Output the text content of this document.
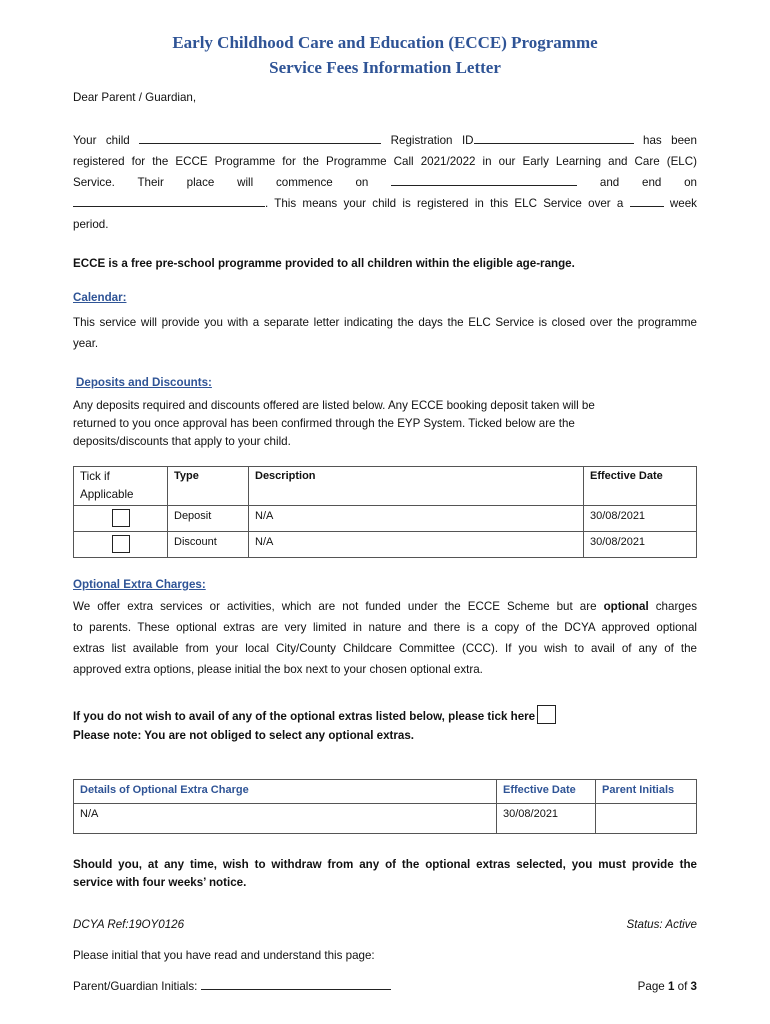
Early Childhood Care and Education (ECCE) Programme
Service Fees Information Letter
Dear Parent / Guardian,
Your child	Registration ID	has been
registered for the ECCE Programme for the Programme Call 2021/2022 in our Early Learning and Care (ELC)
Service. Their place will commence on	and end on
. This means your child is registered in this ELC Service over a	week
period.
ECCE is a free pre-school programme provided to all children within the eligible age-range.
Calendar:
This service will provide you with a separate letter indicating the days the ELC Service is closed over the programme year.
Deposits and Discounts:
Any deposits required and discounts offered are listed below. Any ECCE booking deposit taken will be
returned to you once approval has been confirmed through the EYP System. Ticked below are the
deposits/discounts that apply to your child.
Tick if Applicable	Type	Description	Effective Date

	Deposit	N/A	30/08/2021

	Discount	N/A	30/08/2021
Optional Extra Charges:
We offer extra services or activities, which are not funded under the ECCE Scheme but are optional charges
to parents. These optional extras are very limited in nature and there is a copy of the DCYA approved optional
extras list available from your local City/County Childcare Committee (CCC). If you wish to avail of any of the
approved extra options, please initial the box next to your chosen optional extra.
If you do not wish to avail of any of the optional extras listed below, please tick here
Please note: You are not obliged to select any optional extras.
Details of Optional Extra Charge	Effective Date	Parent Initials
N/A	30/08/2021	
Should you, at any time, wish to withdraw from any of the optional extras selected, you must provide the
service with four weeks’ notice.
DCYA Ref:19OY0126	Status: Active
Please initial that you have read and understand this page:
Parent/Guardian Initials:	Page 1 of 3
